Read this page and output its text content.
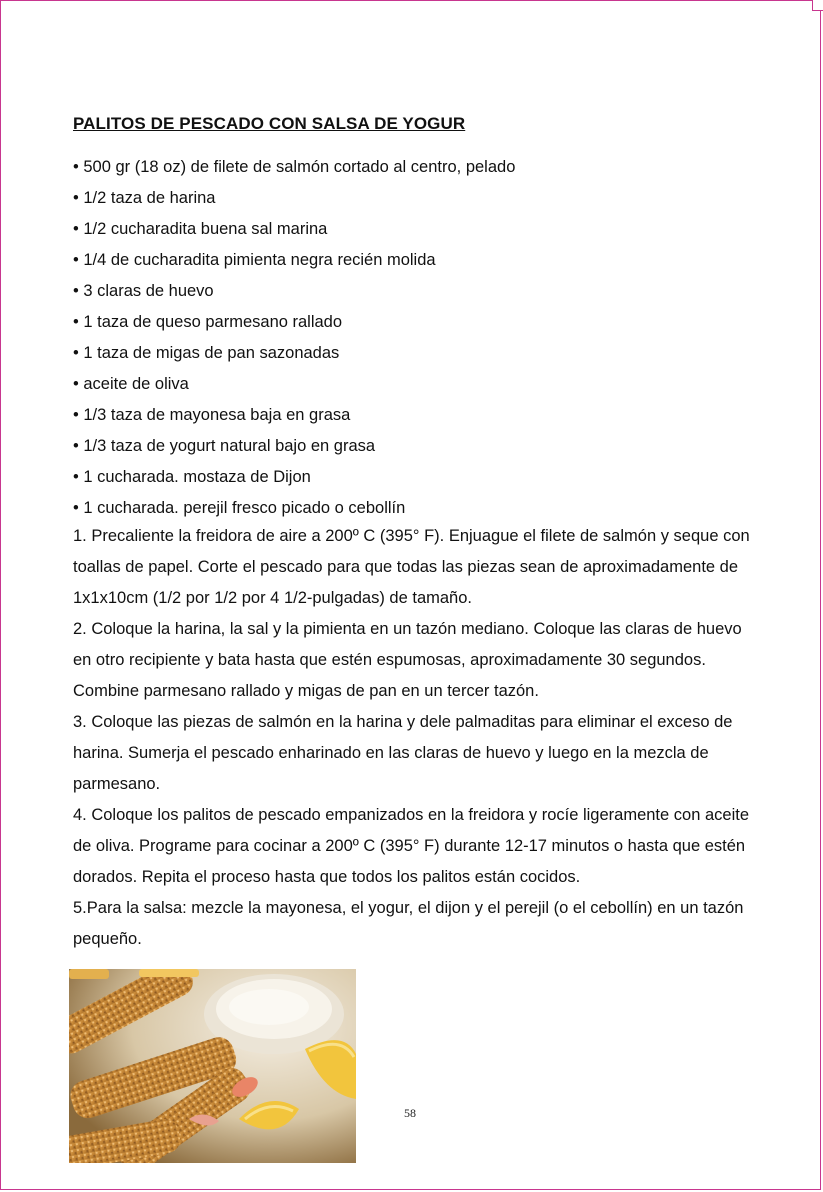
PALITOS DE PESCADO CON SALSA DE YOGUR
• 500 gr (18 oz) de filete de salmón cortado al centro, pelado
• 1/2 taza de harina
• 1/2 cucharadita buena sal marina
• 1/4 de cucharadita pimienta negra recién molida
• 3 claras de huevo
• 1 taza de queso parmesano rallado
• 1 taza de migas de pan sazonadas
• aceite de oliva
• 1/3 taza de mayonesa baja en grasa
• 1/3 taza de yogurt natural bajo en grasa
• 1 cucharada. mostaza de Dijon
• 1 cucharada. perejil fresco picado o cebollín

1. Precaliente la freidora de aire a 200º C (395° F). Enjuague el filete de salmón y seque con toallas de papel. Corte el pescado para que todas las piezas sean de aproximadamente de 1x1x10cm (1/2 por 1/2 por 4 1/2-pulgadas) de tamaño.

2. Coloque la harina, la sal y la pimienta en un tazón mediano. Coloque las claras de huevo en otro recipiente y bata hasta que estén espumosas, aproximadamente 30 segundos. Combine parmesano rallado y migas de pan en un tercer tazón.

3. Coloque las piezas de salmón en la harina y dele palmaditas para eliminar el exceso de harina. Sumerja el pescado enharinado en las claras de huevo y luego en la mezcla de parmesano.

4. Coloque los palitos de pescado empanizados en la freidora y rocíe ligeramente con aceite de oliva. Programe para cocinar a 200º C (395° F) durante 12-17 minutos o hasta que estén dorados. Repita el proceso hasta que todos los palitos están cocidos.

5.Para la salsa: mezcle la mayonesa, el yogur, el dijon y el perejil (o el cebollín) en un tazón pequeño.

58
